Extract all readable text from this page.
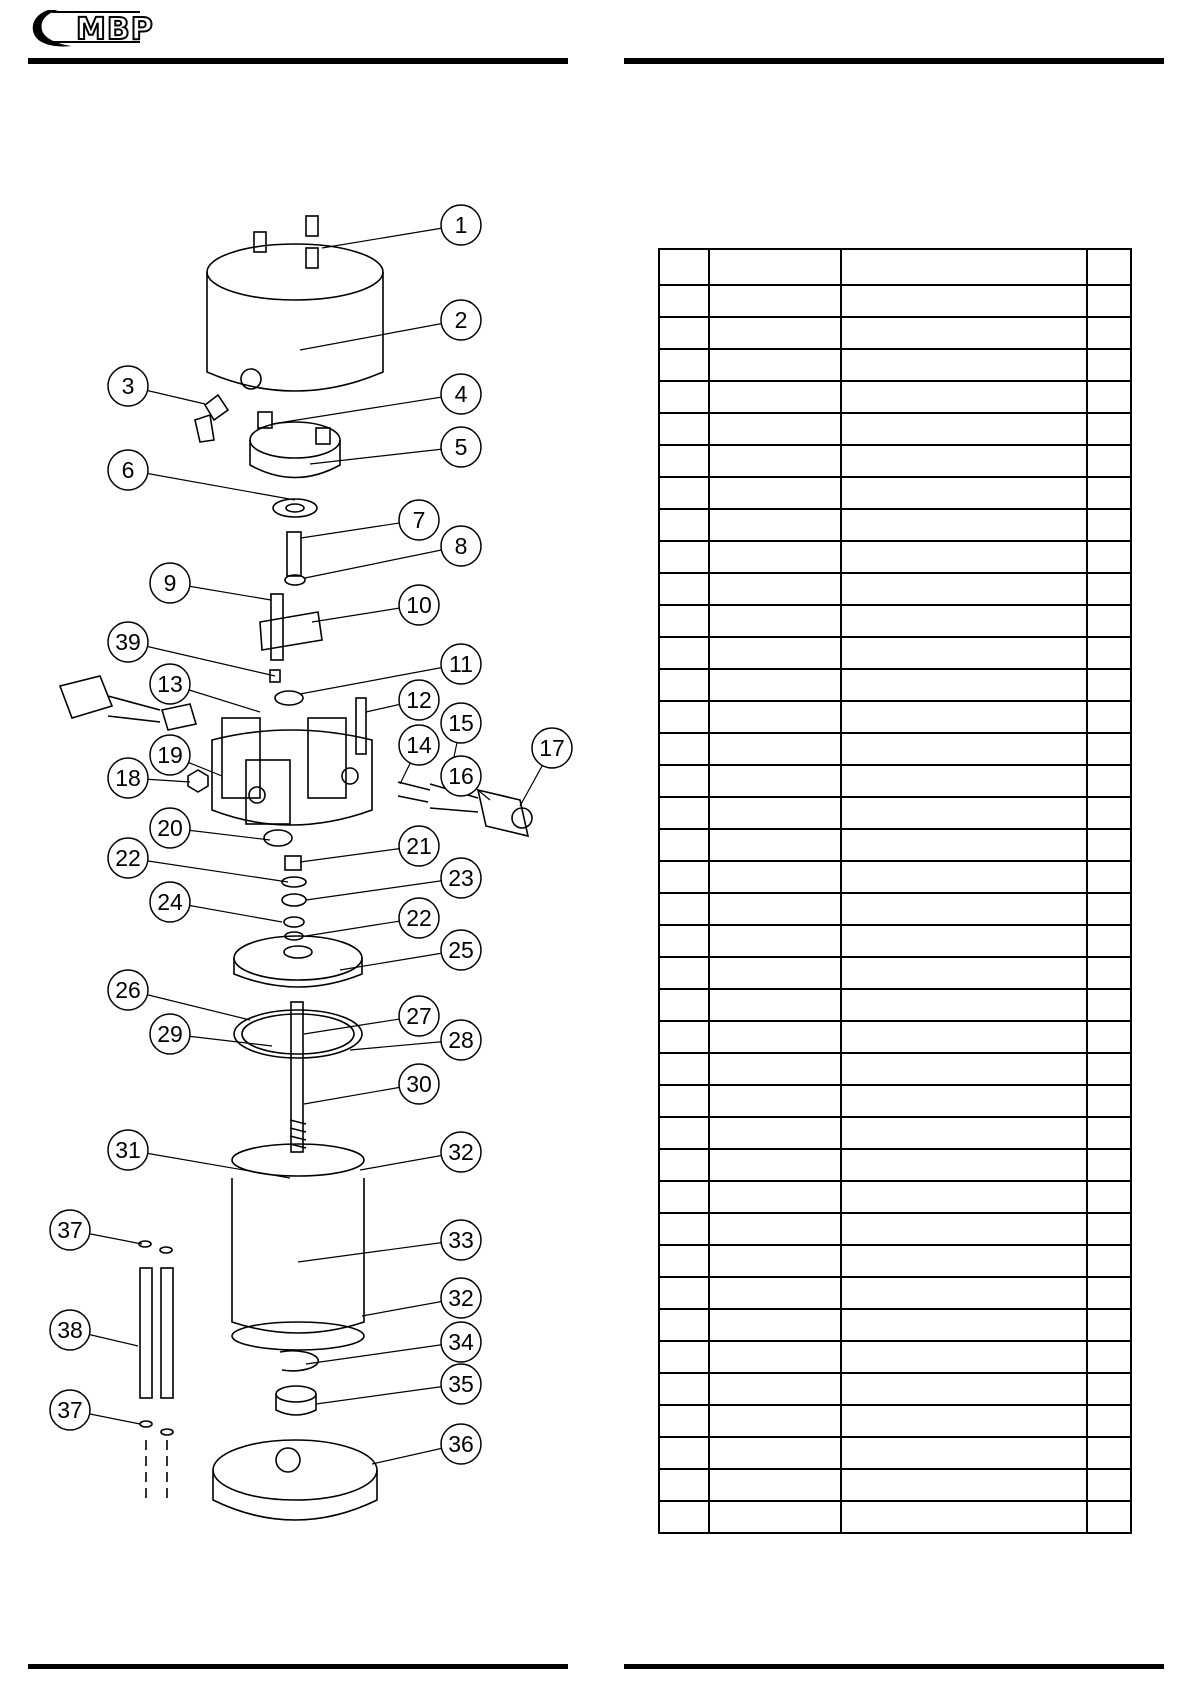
MBP
1
2
3	4
5
6
7
8
9
10
39
11
13
12
14
15
16
17
19
18
20
21
22
23
24
22
25
26
27
29	28
30
31	32
33
37
32
38	34
35
37
36
